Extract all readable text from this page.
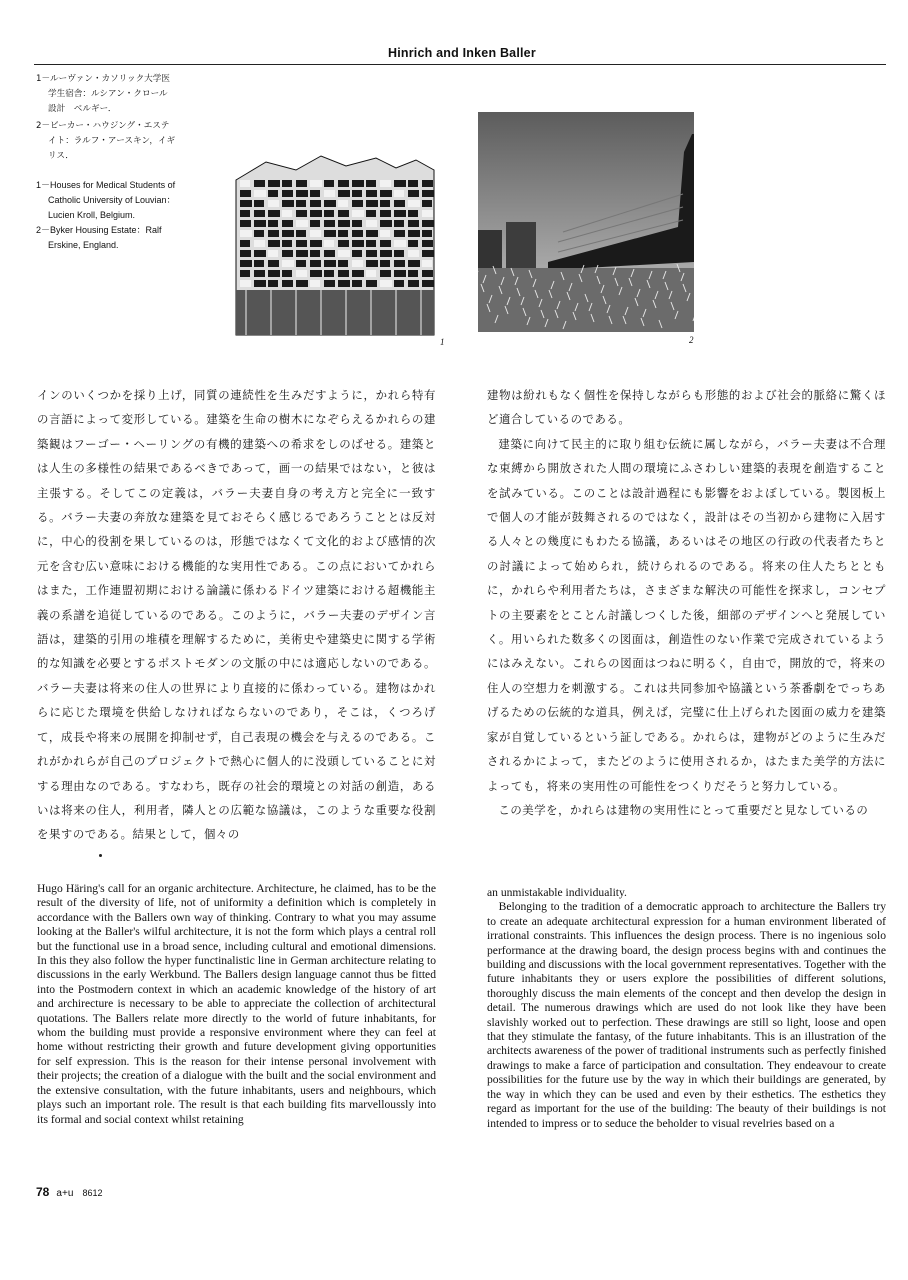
Hinrich and Inken Baller

1－ルーヴァン・カソリック大学医学生宿舎：ルシアン・クロール設計　ベルギー．

2－ビーカー・ハウジング・エステイト：ラルフ・アースキン，イギリス．

1－Houses for Medical Students of Catholic University of Louvian：Lucien Kroll, Belgium.

2－Byker Housing Estate：Ralf Erskine, England.

1	2

インのいくつかを採り上げ，同質の連続性を生みだすように，かれら特有の言語によって変形している。建築を生命の樹木になぞらえるかれらの建築観はフーゴー・ヘーリングの有機的建築への希求をしのばせる。建築とは人生の多様性の結果であるべきであって，画一の結果ではない，と彼は主張する。そしてこの定義は，バラー夫妻自身の考え方と完全に一致する。バラー夫妻の奔放な建築を見ておそらく感じるであろうこととは反対に，中心的役割を果しているのは，形態ではなくて文化的および感情的次元を含む広い意味における機能的な実用性である。この点においてかれらはまた，工作連盟初期における論議に係わるドイツ建築における超機能主義の系譜を追従しているのである。このように，バラー夫妻のデザイン言語は，建築的引用の堆積を理解するために，美術史や建築史に関する学術的な知識を必要とするポストモダンの文脈の中には適応しないのである。バラー夫妻は将来の住人の世界により直接的に係わっている。建物はかれらに応じた環境を供給しなければならないのであり，そこは，くつろげて，成長や将来の展開を抑制せず，自己表現の機会を与えるのである。これがかれらが自己のプロジェクトで熱心に個人的に没頭していることに対する理由なのである。すなわち，既存の社会的環境との対話の創造，あるいは将来の住人，利用者，隣人との広範な協議は，このような重要な役割を果すのである。結果として，個々の

建物は紛れもなく個性を保持しながらも形態的および社会的脈絡に驚くほど適合しているのである。

建築に向けて民主的に取り組む伝統に属しながら，バラー夫妻は不合理な束縛から開放された人間の環境にふさわしい建築的表現を創造することを試みている。このことは設計過程にも影響をおよぼしている。製図板上で個人の才能が鼓舞されるのではなく，設計はその当初から建物に入居する人々との幾度にもわたる協議，あるいはその地区の行政の代表者たちとの討議によって始められ，続けられるのである。将来の住人たちとともに，かれらや利用者たちは，さまざまな解決の可能性を探求し，コンセプトの主要素をとことん討議しつくした後，細部のデザインへと発展していく。用いられた数多くの図面は，創造性のない作業で完成されているようにはみえない。これらの図面はつねに明るく，自由で，開放的で，将来の住人の空想力を刺激する。これは共同参加や協議という茶番劇をでっちあげるための伝統的な道具，例えば，完璧に仕上げられた図面の威力を建築家が自覚しているという証しである。かれらは，建物がどのように生みだされるかによって，またどのように使用されるか，はたまた美学的方法によっても，将来の実用性の可能性をつくりだそうと努力している。

この美学を，かれらは建物の実用性にとって重要だと見なしているの

Hugo Häring's call for an organic architecture. Architecture, he claimed, has to be the result of the diversity of life, not of uniformity a definition which is completely in accordance with the Ballers own way of thinking. Contrary to what you may assume looking at the Baller's wilful architecture, it is not the form which plays a central roll but the functional use in a broad sence, including cultural and emotional dimensions. In this they also follow the hyper functinalistic line in German architecture relating to discussions in the early Werkbund. The Ballers design language cannot thus be fitted into the Postmodern context in which an academic knowledge of the history of art and archirecture is necessary to be able to appreciate the collection of architectural quotations. The Ballers relate more directly to the world of future inhabitants, for whom the building must provide a responsive environment where they can feel at home without restricting their growth and future development giving opportunities for self expression. This is the reason for their intense personal involvement with their projects; the creation of a dialogue with the built and the social environment and the extensive consultation, with the future inhabitants, users and neighbours, which plays such an important role. The result is that each building fits marvelloussly into its formal and social context whilst retaining

an unmistakable individuality.

Belonging to the tradition of a democratic approach to architecture the Ballers try to create an adequate architectural expression for a human environment liberated of irrational constraints. This influences the design process. There is no ingenious solo performance at the drawing board, the design process begins with and continues the building and discussions with the local government representatives. Together with the future inhabitants they or users explore the possibilities of different solutions, thoroughly discuss the main elements of the concept and then develop the design in detail. The numerous drawings which are used do not look like they have been slavishly worked out to perfection. These drawings are still so light, loose and open that they stimulate the fantasy, of the future inhabitants. This is an illustration of the architects awareness of the power of traditional instruments such as perfectly finished drawings to make a farce of participation and consultation. They endeavour to create possibilities for the future use by the way in which their buildings are generated, by the way in which they can be used and even by their esthetics. The esthetics they regard as important for the use of the building: The beauty of their buildings is not intended to impress or to seduce the beholder to visual revelries based on a

78 a+u 8612
